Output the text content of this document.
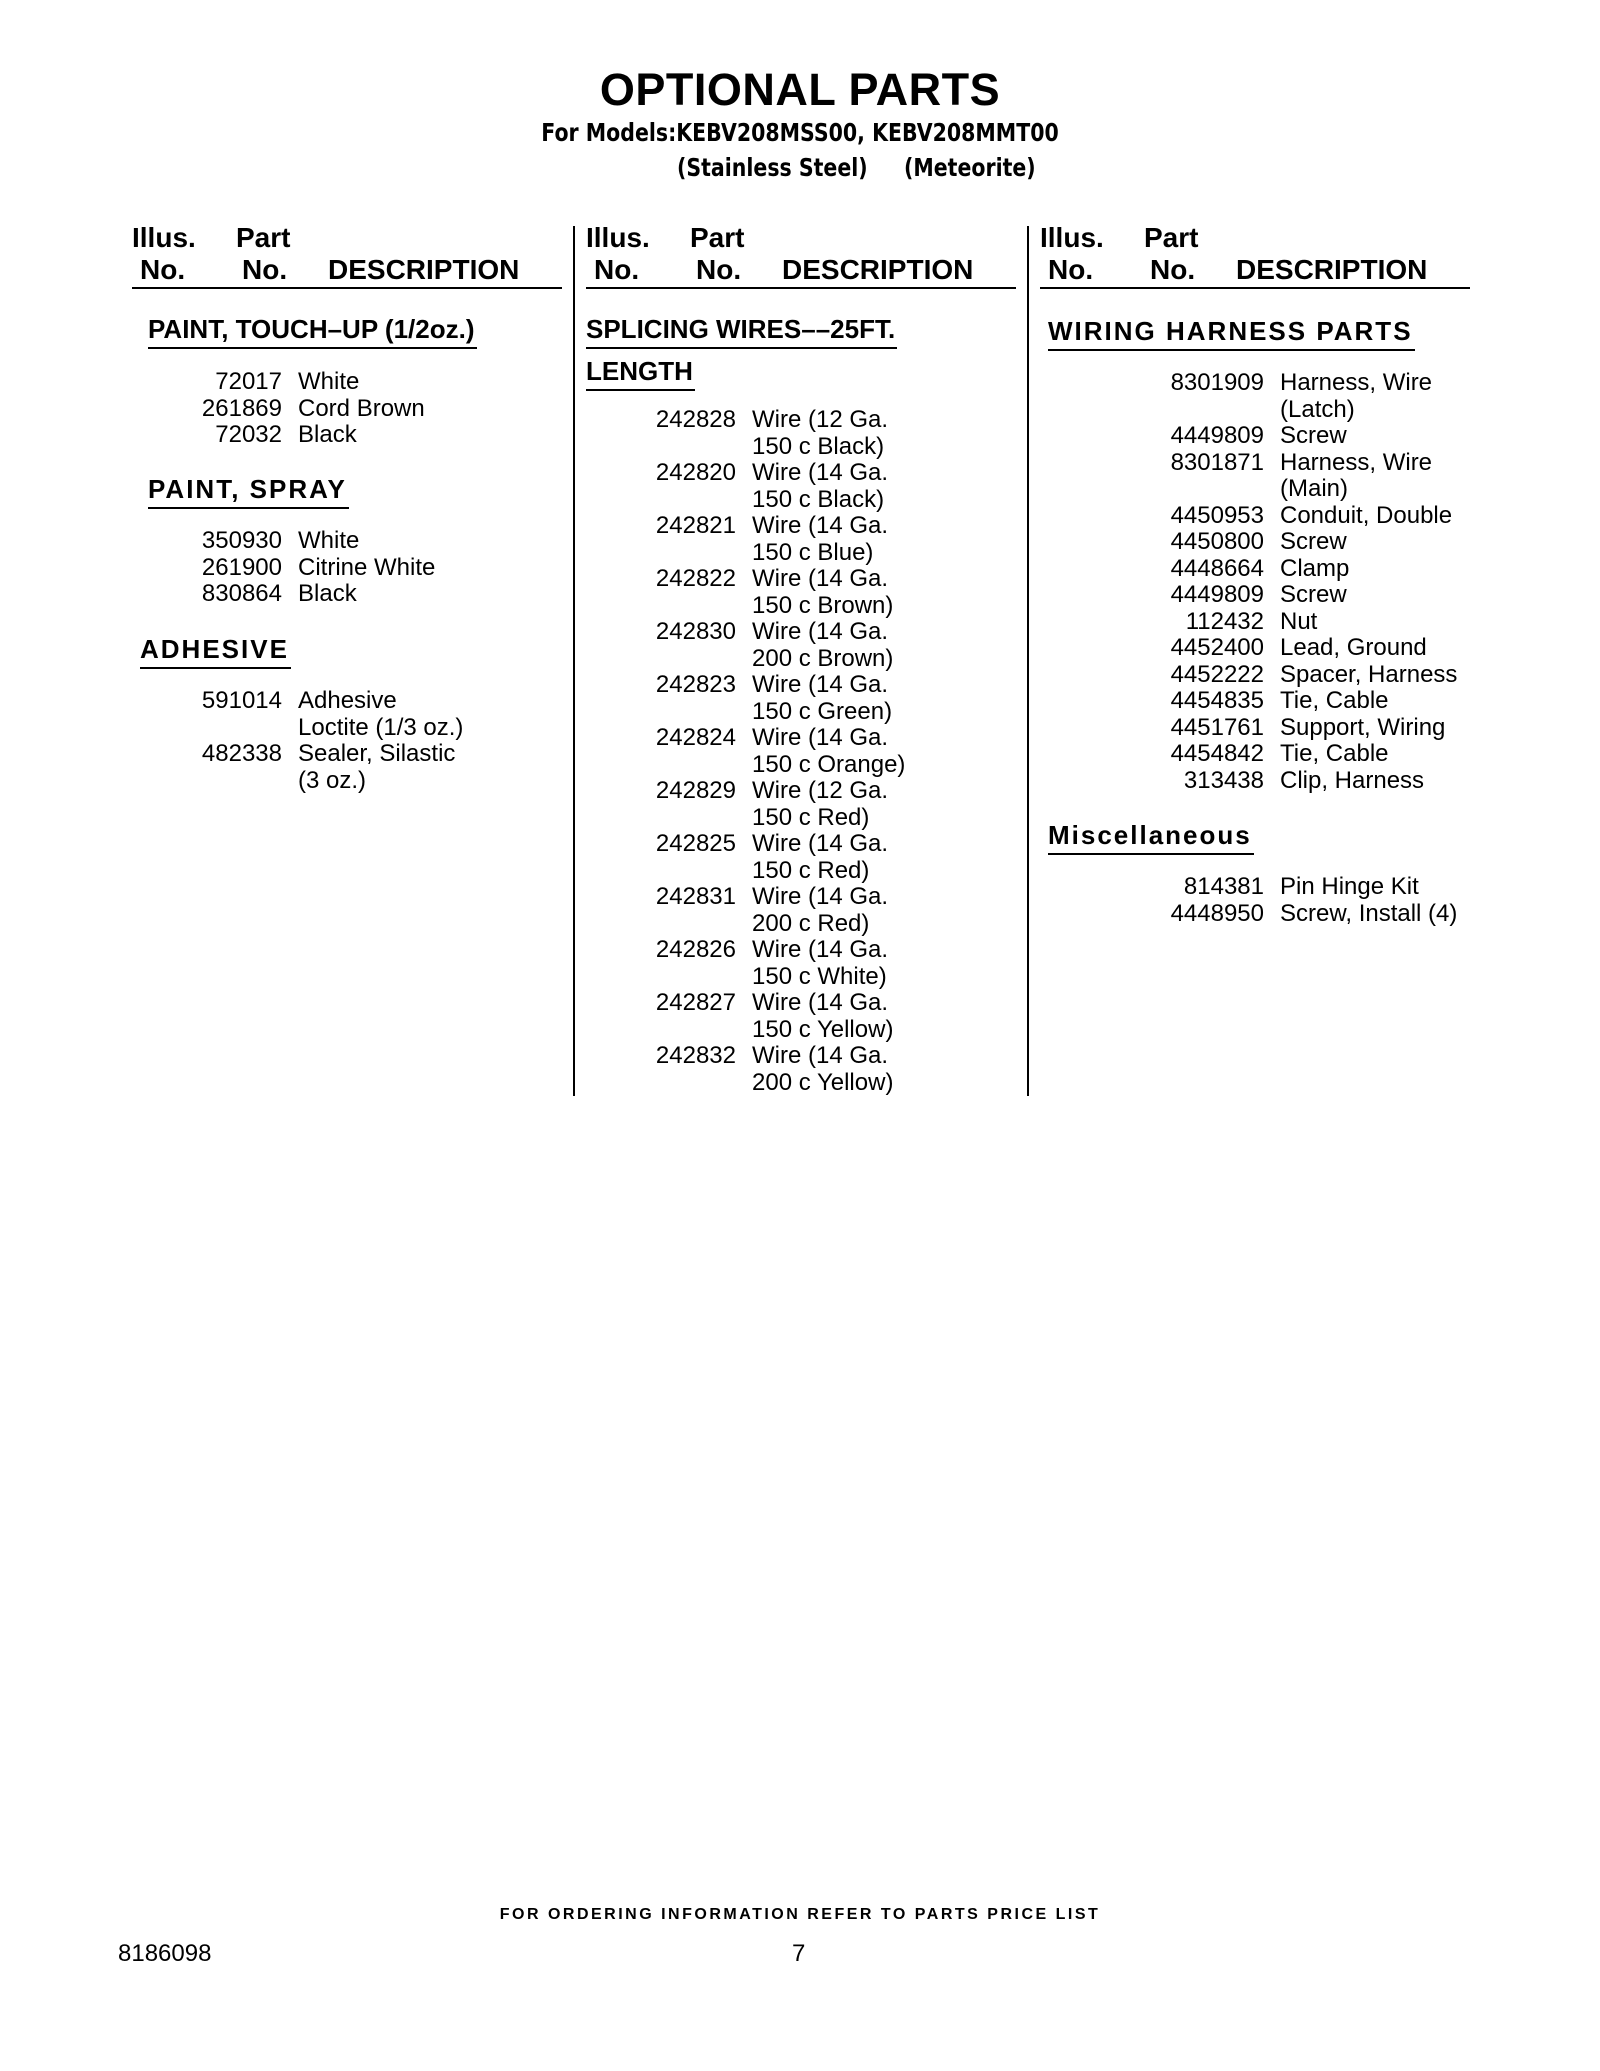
OPTIONAL PARTS
For Models:KEBV208MSS00, KEBV208MMT00
(Stainless Steel) (Meteorite)
Illus. Part
No. No. DESCRIPTION
PAINT, TOUCH–UP (1/2oz.)
72017 White
261869 Cord Brown
72032 Black
PAINT, SPRAY
350930 White
261900 Citrine White
830864 Black
ADHESIVE
591014 Adhesive
Loctite (1/3 oz.)
482338 Sealer, Silastic
(3 oz.)
Illus. Part
No. No. DESCRIPTION
SPLICING WIRES––25FT.
LENGTH
242828 Wire (12 Ga.
150 c Black)
242820 Wire (14 Ga.
150 c Black)
242821 Wire (14 Ga.
150 c Blue)
242822 Wire (14 Ga.
150 c Brown)
242830 Wire (14 Ga.
200 c Brown)
242823 Wire (14 Ga.
150 c Green)
242824 Wire (14 Ga.
150 c Orange)
242829 Wire (12 Ga.
150 c Red)
242825 Wire (14 Ga.
150 c Red)
242831 Wire (14 Ga.
200 c Red)
242826 Wire (14 Ga.
150 c White)
242827 Wire (14 Ga.
150 c Yellow)
242832 Wire (14 Ga.
200 c Yellow)
Illus. Part
No. No. DESCRIPTION
WIRING HARNESS PARTS
8301909 Harness, Wire
(Latch)
4449809 Screw
8301871 Harness, Wire
(Main)
4450953 Conduit, Double
4450800 Screw
4448664 Clamp
4449809 Screw
112432 Nut
4452400 Lead, Ground
4452222 Spacer, Harness
4454835 Tie, Cable
4451761 Support, Wiring
4454842 Tie, Cable
313438 Clip, Harness
Miscellaneous
814381 Pin Hinge Kit
4448950 Screw, Install (4)
FOR ORDERING INFORMATION REFER TO PARTS PRICE LIST
8186098	7
